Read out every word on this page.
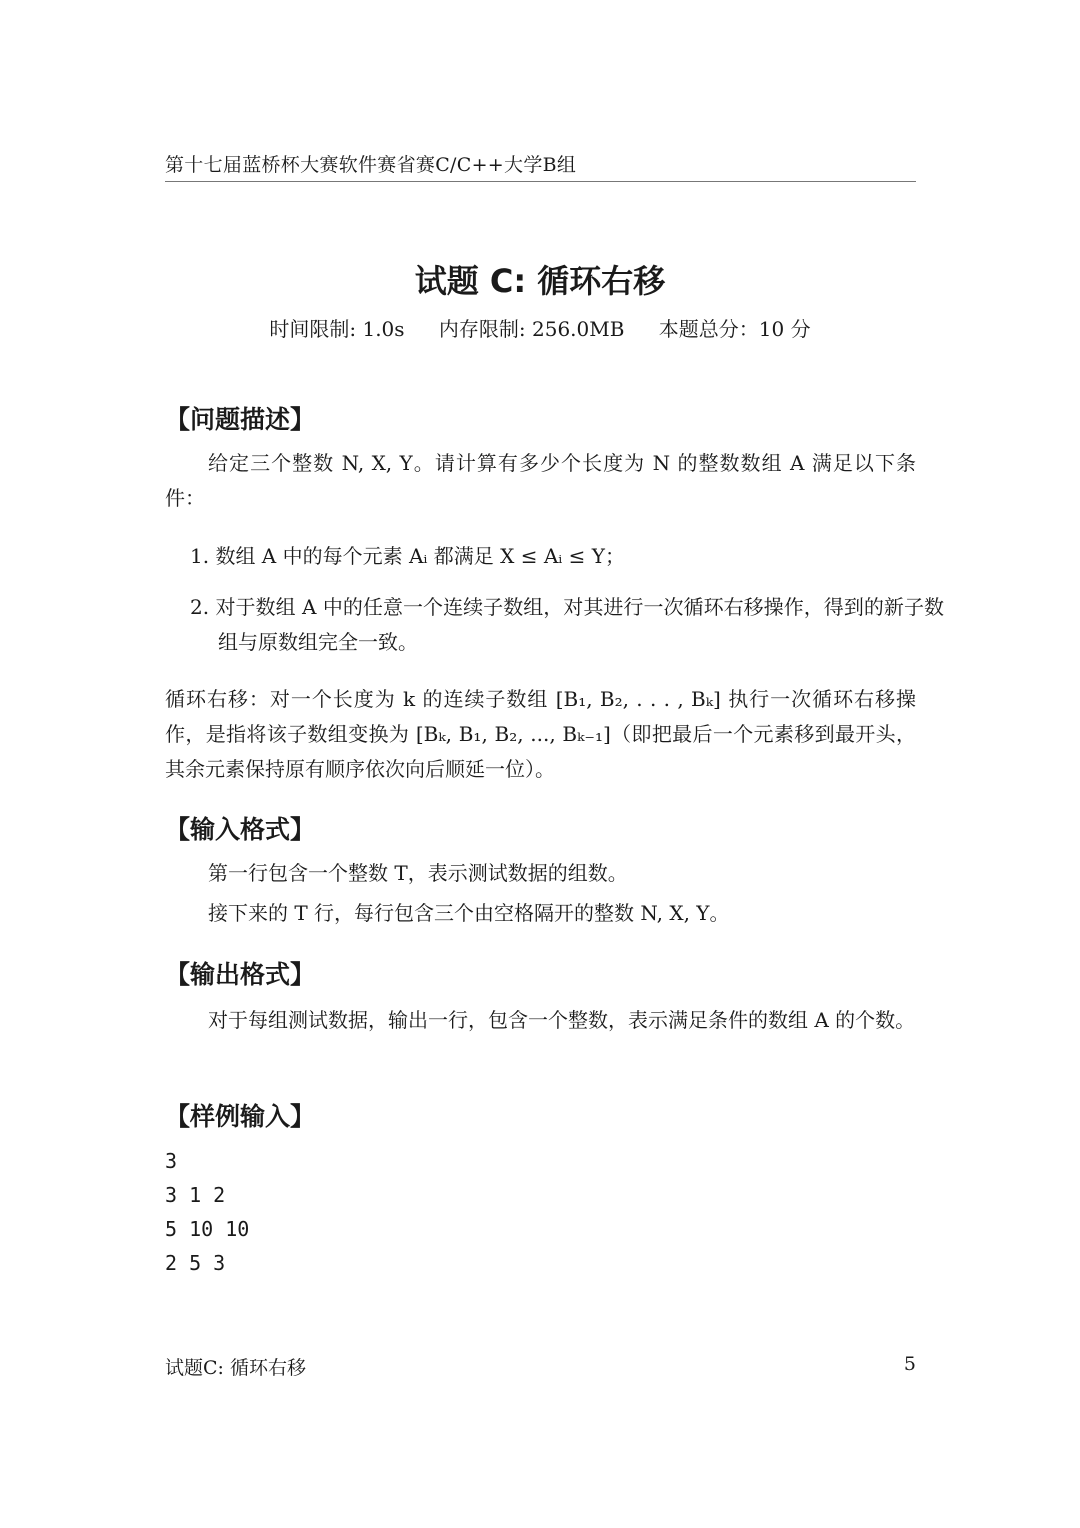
第十七届蓝桥杯大赛软件赛省赛C/C++大学B组
试题 C: 循环右移
时间限制: 1.0s 内存限制: 256.0MB 本题总分：10 分
【问题描述】
给定三个整数 N, X, Y。请计算有多少个长度为 N 的整数数组 A 满足以下条件：
1. 数组 A 中的每个元素 Aᵢ 都满足 X ≤ Aᵢ ≤ Y；
2. 对于数组 A 中的任意一个连续子数组，对其进行一次循环右移操作，得到的新子数组与原数组完全一致。
循环右移：对一个长度为 k 的连续子数组 [B₁, B₂, . . . , Bₖ] 执行一次循环右移操作，是指将该子数组变换为 [Bₖ, B₁, B₂, ..., Bₖ₋₁]（即把最后一个元素移到最开头，其余元素保持原有顺序依次向后顺延一位）。
【输入格式】
第一行包含一个整数 T，表示测试数据的组数。
接下来的 T 行，每行包含三个由空格隔开的整数 N, X, Y。
【输出格式】
对于每组测试数据，输出一行，包含一个整数，表示满足条件的数组 A 的个数。
【样例输入】
3
3 1 2
5 10 10
2 5 3
试题C: 循环右移	5
